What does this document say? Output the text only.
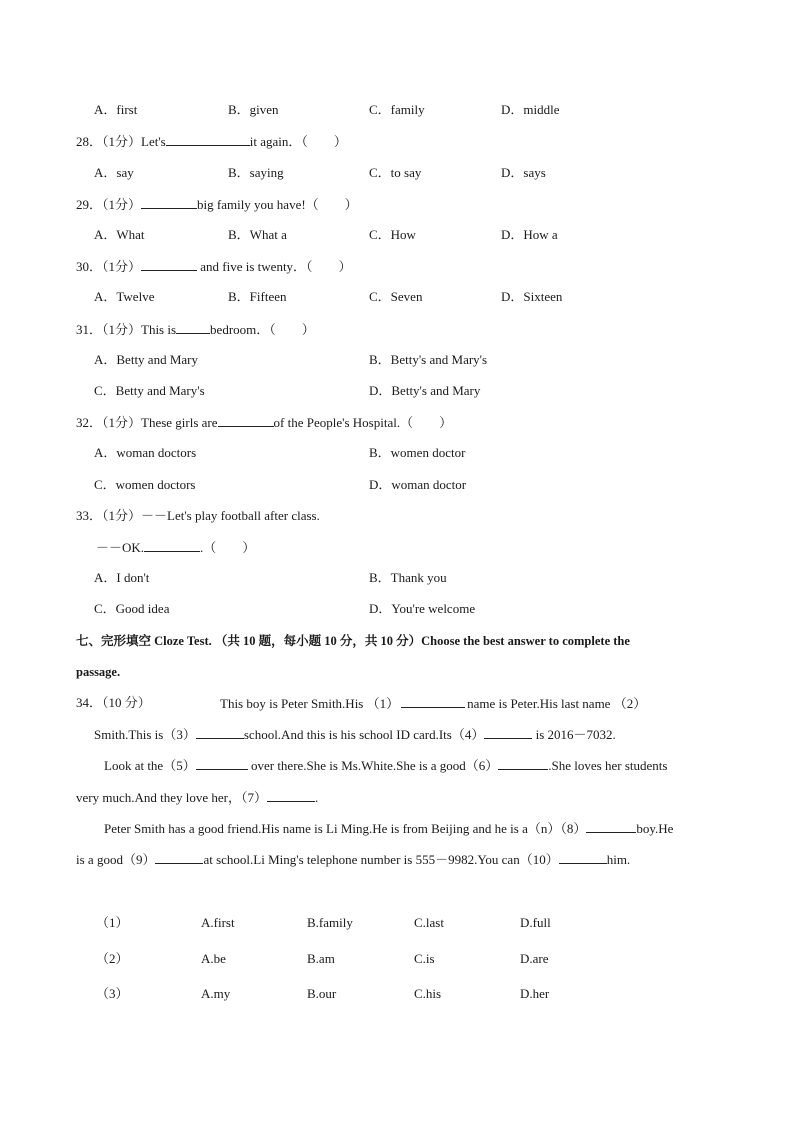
A．first	B．given	C．family	D．middle
28．（1分）Let's	it again．（　　）
A．say	B．saying	C．to say	D．says
29．（1分）	big family you have!（　　）
A．What	B．What a	C．How	D．How a
30．（1分）	and five is twenty．（　　）
A．Twelve	B．Fifteen	C．Seven	D．Sixteen
31．（1分）This is	bedroom．（　　）
A．Betty and Mary	B．Betty's and Mary's
C．Betty and Mary's	D．Betty's and Mary
32．（1分）These girls are	of the People's Hospital.（　　）
A．woman doctors	B．women doctor
C．women doctors	D．woman doctor
33．（1分）－－Let's play football after class.
－－OK.	.（　　）
A．I don't	B．Thank you
C．Good idea	D．You're welcome
七、完形填空 Cloze Test. （共 10 题，每小题 10 分，共 10 分）Choose the best answer to complete the
passage.
34．（10 分）	This boy is Peter Smith.His （1）	name is Peter.His last name （2）
Smith.This is（3）	school.And this is his school ID card.Its（4）	is 2016－7032.
Look at the（5）	over there.She is Ms.White.She is a good（6）	.She loves her students
very much.And they love her，（7）	.
Peter Smith has a good friend.His name is Li Ming.He is from Beijing and he is a（n）（8）	boy.He
is a good（9）	at school.Li Ming's telephone number is 555－9982.You can（10）	him.
（1）	A.first	B.family	C.last	D.full
（2）	A.be	B.am	C.is	D.are
（3）	A.my	B.our	C.his	D.her
